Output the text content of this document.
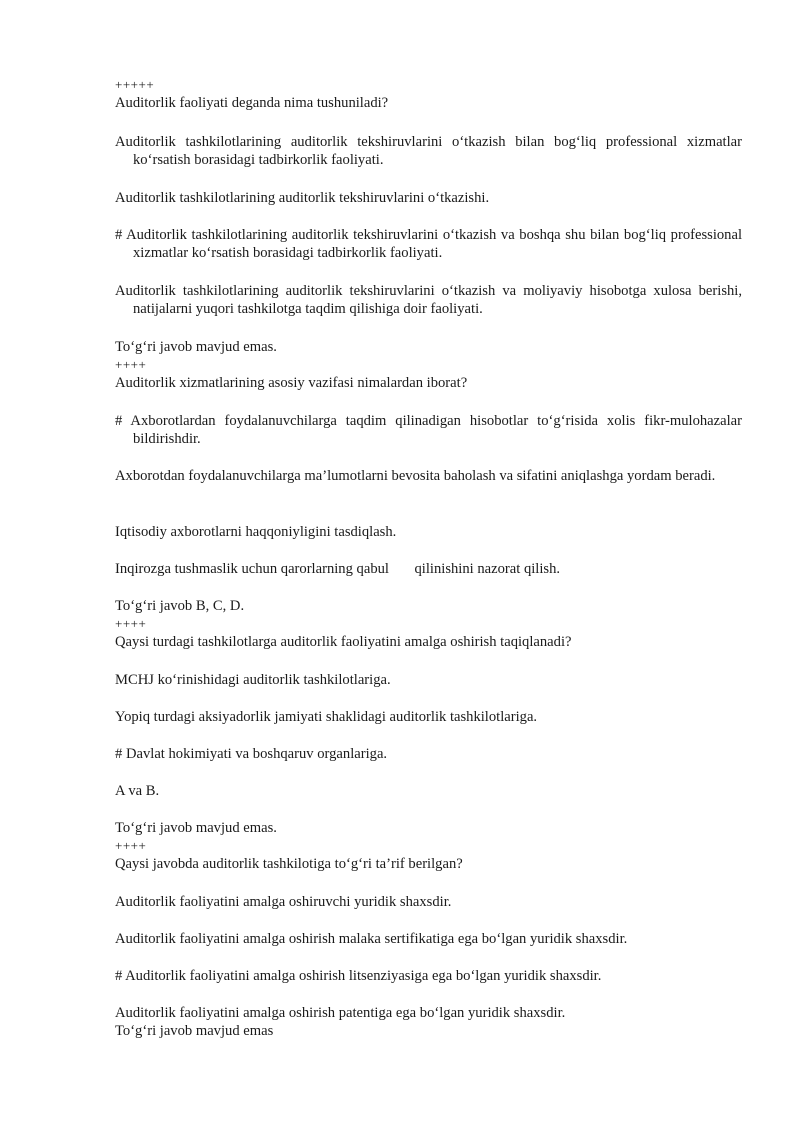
+++++
Auditorlik faoliyati deganda nima tushuniladi?
Auditorlik tashkilotlarining auditorlik tekshiruvlarini oʻtkazish bilan bogʻliq professional xizmatlar koʻrsatish borasidagi tadbirkorlik faoliyati.
Auditorlik tashkilotlarining auditorlik tekshiruvlarini oʻtkazishi.
# Auditorlik tashkilotlarining auditorlik tekshiruvlarini oʻtkazish va boshqa shu bilan bogʻliq professional xizmatlar koʻrsatish borasidagi tadbirkorlik faoliyati.
Auditorlik tashkilotlarining auditorlik tekshiruvlarini oʻtkazish va moliyaviy hisobotga xulosa berishi, natijalarni yuqori tashkilotga taqdim qilishiga doir faoliyati.
Toʻgʻri javob mavjud emas.
++++
Auditorlik xizmatlarining asosiy vazifasi nimalardan iborat?
# Axborotlardan foydalanuvchilarga taqdim qilinadigan hisobotlar toʻgʻrisida xolis fikr-mulohazalar bildirishdir.
Axborotdan foydalanuvchilarga ma’lumotlarni bevosita baholash va sifatini aniqlashga yordam beradi.
Iqtisodiy axborotlarni haqqoniyligini tasdiqlash.
Inqirozga tushmaslik uchun qarorlarning qabul       qilinishini nazorat qilish.
Toʻgʻri javob B, C, D.
++++
Qaysi turdagi tashkilotlarga auditorlik faoliyatini amalga oshirish taqiqlanadi?
MCHJ koʻrinishidagi auditorlik tashkilotlariga.
Yopiq turdagi aksiyadorlik jamiyati shaklidagi auditorlik tashkilotlariga.
# Davlat hokimiyati va boshqaruv organlariga.
A va B.
Toʻgʻri javob mavjud emas.
++++
Qaysi javobda auditorlik tashkilotiga toʻgʻri ta’rif berilgan?
Auditorlik faoliyatini amalga oshiruvchi yuridik shaxsdir.
Auditorlik faoliyatini amalga oshirish malaka sertifikatiga ega boʻlgan yuridik shaxsdir.
# Auditorlik faoliyatini amalga oshirish litsenziyasiga ega boʻlgan yuridik shaxsdir.
Auditorlik faoliyatini amalga oshirish patentiga ega boʻlgan yuridik shaxsdir.
Toʻgʻri javob mavjud emas
